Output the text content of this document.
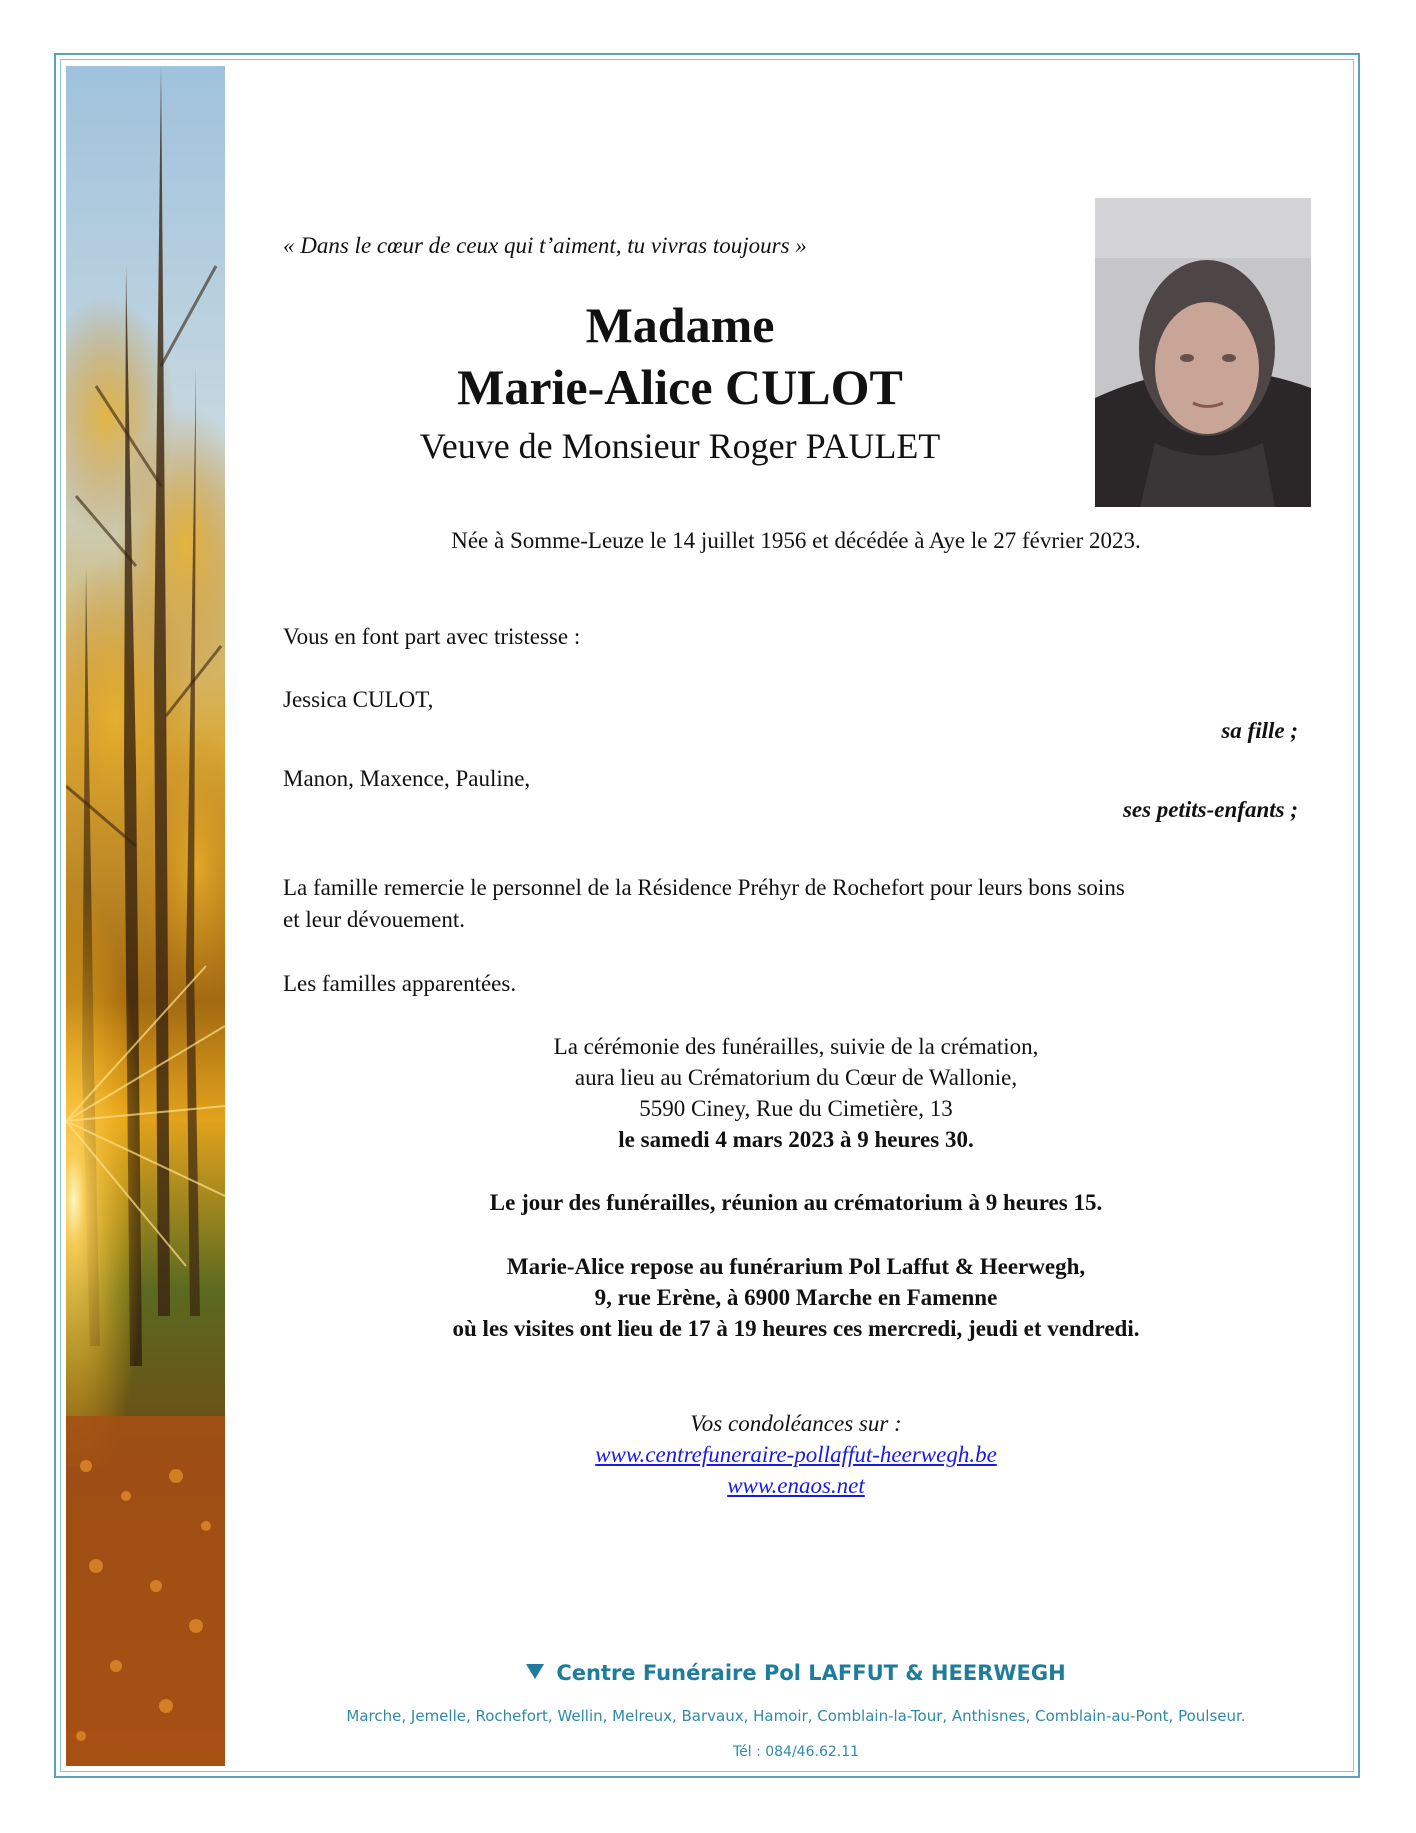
« Dans le cœur de ceux qui t’aiment, tu vivras toujours »
Madame
Marie-Alice CULOT
Veuve de Monsieur Roger PAULET
Née à Somme-Leuze le 14 juillet 1956 et décédée à Aye le 27 février 2023.
Vous en font part avec tristesse :
Jessica CULOT,
sa fille ;
Manon, Maxence, Pauline,
ses petits-enfants ;
La famille remercie le personnel de la Résidence Préhyr de Rochefort pour leurs bons soins
et leur dévouement.
Les familles apparentées.
La cérémonie des funérailles, suivie de la crémation,
aura lieu au Crématorium du Cœur de Wallonie,
5590 Ciney, Rue du Cimetière, 13
le samedi 4 mars 2023 à 9 heures 30.
Le jour des funérailles, réunion au crématorium à 9 heures 15.
Marie-Alice repose au funérarium Pol Laffut & Heerwegh,
9, rue Erène, à 6900 Marche en Famenne
où les visites ont lieu de 17 à 19 heures ces mercredi, jeudi et vendredi.
Vos condoléances sur :
www.centrefuneraire-pollaffut-heerwegh.be
www.enaos.net
Centre Funéraire Pol LAFFUT & HEERWEGH
Marche, Jemelle, Rochefort, Wellin, Melreux, Barvaux, Hamoir, Comblain-la-Tour, Anthisnes, Comblain-au-Pont, Poulseur.
Tél : 084/46.62.11
